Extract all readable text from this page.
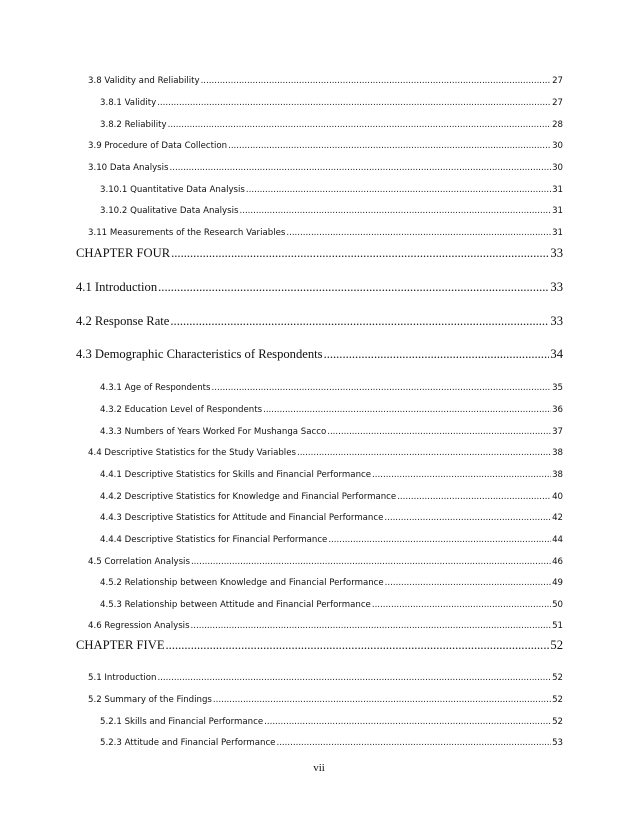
3.8 Validity and Reliability .....	27
3.8.1 Validity .....	27
3.8.2 Reliability .....	28
3.9 Procedure of Data Collection .....	30
3.10 Data Analysis .....	30
3.10.1 Quantitative Data Analysis .....	31
3.10.2 Qualitative Data Analysis .....	31
3.11 Measurements of the Research Variables .....	31
CHAPTER FOUR .....	33
4.1 Introduction .....	33
4.2 Response Rate .....	33
4.3 Demographic Characteristics of Respondents .....	34
4.3.1 Age of Respondents .....	35
4.3.2 Education Level of Respondents .....	36
4.3.3 Numbers of Years Worked For Mushanga Sacco .....	37
4.4 Descriptive Statistics for the Study Variables .....	38
4.4.1 Descriptive Statistics for Skills and Financial Performance .....	38
4.4.2 Descriptive Statistics for Knowledge and Financial Performance .....	40
4.4.3 Descriptive Statistics for Attitude and Financial Performance .....	42
4.4.4 Descriptive Statistics for Financial Performance .....	44
4.5 Correlation Analysis .....	46
4.5.2 Relationship between Knowledge and Financial Performance .....	49
4.5.3 Relationship between Attitude and Financial Performance .....	50
4.6 Regression Analysis .....	51
CHAPTER FIVE .....	52
5.1 Introduction .....	52
5.2 Summary of the Findings .....	52
5.2.1 Skills and Financial Performance .....	52
5.2.3 Attitude and Financial Performance .....	53
vii
